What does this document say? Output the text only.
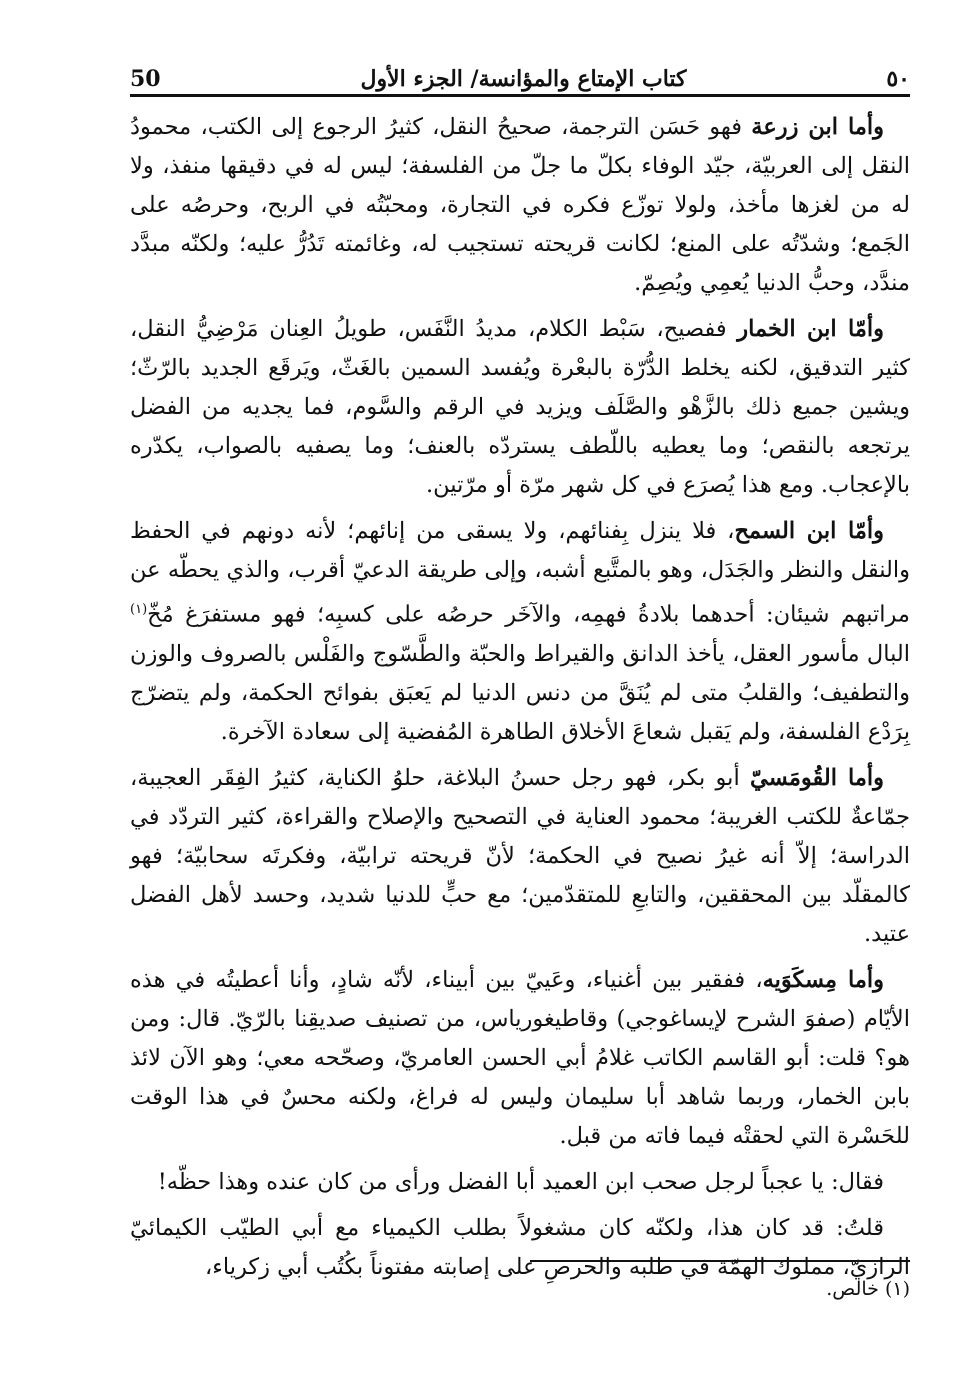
50	كتاب الإمتاع والمؤانسة/ الجزء الأول	٥٠

وأما ابن زرعة فهو حَسَن الترجمة، صحيحُ النقل، كثيرُ الرجوع إلى الكتب، محمودُ النقل إلى العربيّة، جيّد الوفاء بكلّ ما جلّ من الفلسفة؛ ليس له في دقيقها منفذ، ولا له من لغزها مأخذ، ولولا توزّع فكره في التجارة، ومحبّتُه في الربح، وحرصُه على الجَمع؛ وشدّتُه على المنع؛ لكانت قريحته تستجيب له، وغائمته تَدُرُّ عليه؛ ولكنّه مبدَّد مندَّد، وحبُّ الدنيا يُعمِي ويُصِمّ.

وأمّا ابن الخمار ففصيح، سَبْط الكلام، مديدُ النَّفَس، طويلُ العِنان مَرْضِيُّ النقل، كثير التدقيق، لكنه يخلط الدُّرّة بالبعْرة ويُفسد السمين بالغَثّ، ويَرقَع الجديد بالرّثّ؛ ويشين جميع ذلك بالزَّهْو والصَّلَف ويزيد في الرقم والسَّوم، فما يجديه من الفضل يرتجعه بالنقص؛ وما يعطيه باللّطف يستردّه بالعنف؛ وما يصفيه بالصواب، يكدّره بالإعجاب. ومع هذا يُصرَع في كل شهر مرّة أو مرّتين.

وأمّا ابن السمح، فلا ينزل بِفنائهم، ولا يسقى من إنائهم؛ لأنه دونهم في الحفظ والنقل والنظر والجَدَل، وهو بالمتَّبع أشبه، وإلى طريقة الدعيّ أقرب، والذي يحطّه عن مراتبهم شيئان: أحدهما بلادةُ فهمِه، والآخَر حرصُه على كسبِه؛ فهو مستفرَغ مُخّ$^{(١)}$ البال مأسور العقل، يأخذ الدانق والقيراط والحبّة والطَّسّوج والفَلْس بالصروف والوزن والتطفيف؛ والقلبُ متى لم يُنَقَّ من دنس الدنيا لم يَعبَق بفوائح الحكمة، ولم يتضرّج بِرَدْع الفلسفة، ولم يَقبل شعاعَ الأخلاق الطاهرة المُفضية إلى سعادة الآخرة.

وأما القُومَسيّ أبو بكر، فهو رجل حسنُ البلاغة، حلوُ الكناية، كثيرُ الفِقَر العجيبة، جمّاعةٌ للكتب الغريبة؛ محمود العناية في التصحيح والإصلاح والقراءة، كثير التردّد في الدراسة؛ إلاّ أنه غيرُ نصيح في الحكمة؛ لأنّ قريحته ترابيّة، وفكرتَه سحابيّة؛ فهو كالمقلّد بين المحققين، والتابعِ للمتقدّمين؛ مع حبٍّ للدنيا شديد، وحسد لأهل الفضل عتيد.

وأما مِسكَوَيه، ففقير بين أغنياء، وعَييّ بين أبيناء، لأنّه شادٍ، وأنا أعطيتُه في هذه الأيّام (صفوَ الشرح لإيساغوجي) وقاطيغورياس، من تصنيف صديقِنا بالرّيّ. قال: ومن هو؟ قلت: أبو القاسم الكاتب غلامُ أبي الحسن العامريّ، وصحّحه معي؛ وهو الآن لائذ بابن الخمار، وربما شاهد أبا سليمان وليس له فراغ، ولكنه محسٌ في هذا الوقت للحَسْرة التي لحقتْه فيما فاته من قبل.

فقال: يا عجباً لرجل صحب ابن العميد أبا الفضل ورأى من كان عنده وهذا حظّه!

قلتُ: قد كان هذا، ولكنّه كان مشغولاً بطلب الكيمياء مع أبي الطيّب الكيمائيّ الرازيّ، مملوك الهمّة في طلبه والحرصِ على إصابته مفتوناً بكُتُب أبي زكرياء،

(١) خالص.
